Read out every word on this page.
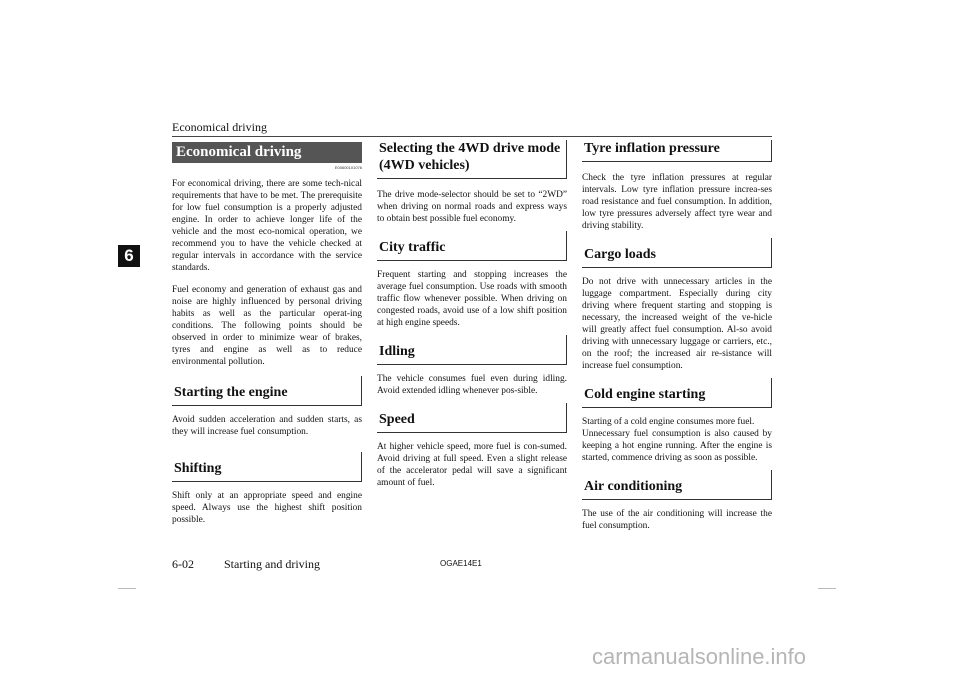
Economical driving
6
Economical driving
E00600101076

For economical driving, there are some tech-nical requirements that have to be met. The prerequisite for low fuel consumption is a properly adjusted engine. In order to achieve longer life of the vehicle and the most eco-nomical operation, we recommend you to have the vehicle checked at regular intervals in accordance with the service standards.

Fuel economy and generation of exhaust gas and noise are highly influenced by personal driving habits as well as the particular operat-ing conditions. The following points should be observed in order to minimize wear of brakes, tyres and engine as well as to reduce environmental pollution.

Starting the engine

Avoid sudden acceleration and sudden starts, as they will increase fuel consumption.

Shifting

Shift only at an appropriate speed and engine speed. Always use the highest shift position possible.

Selecting the 4WD drive mode (4WD vehicles)

The drive mode-selector should be set to “2WD” when driving on normal roads and express ways to obtain best possible fuel economy.

City traffic

Frequent starting and stopping increases the average fuel consumption. Use roads with smooth traffic flow whenever possible. When driving on congested roads, avoid use of a low shift position at high engine speeds.

Idling

The vehicle consumes fuel even during idling. Avoid extended idling whenever pos-sible.

Speed

At higher vehicle speed, more fuel is con-sumed. Avoid driving at full speed. Even a slight release of the accelerator pedal will save a significant amount of fuel.

Tyre inflation pressure

Check the tyre inflation pressures at regular intervals. Low tyre inflation pressure increa-ses road resistance and fuel consumption. In addition, low tyre pressures adversely affect tyre wear and driving stability.

Cargo loads

Do not drive with unnecessary articles in the luggage compartment. Especially during city driving where frequent starting and stopping is necessary, the increased weight of the ve-hicle will greatly affect fuel consumption. Al-so avoid driving with unnecessary luggage or carriers, etc., on the roof; the increased air re-sistance will increase fuel consumption.

Cold engine starting

Starting of a cold engine consumes more fuel.

Unnecessary fuel consumption is also caused by keeping a hot engine running. After the engine is started, commence driving as soon as possible.

Air conditioning

The use of the air conditioning will increase the fuel consumption.

6-02	Starting and driving	OGAE14E1
carmanualsonline.info
